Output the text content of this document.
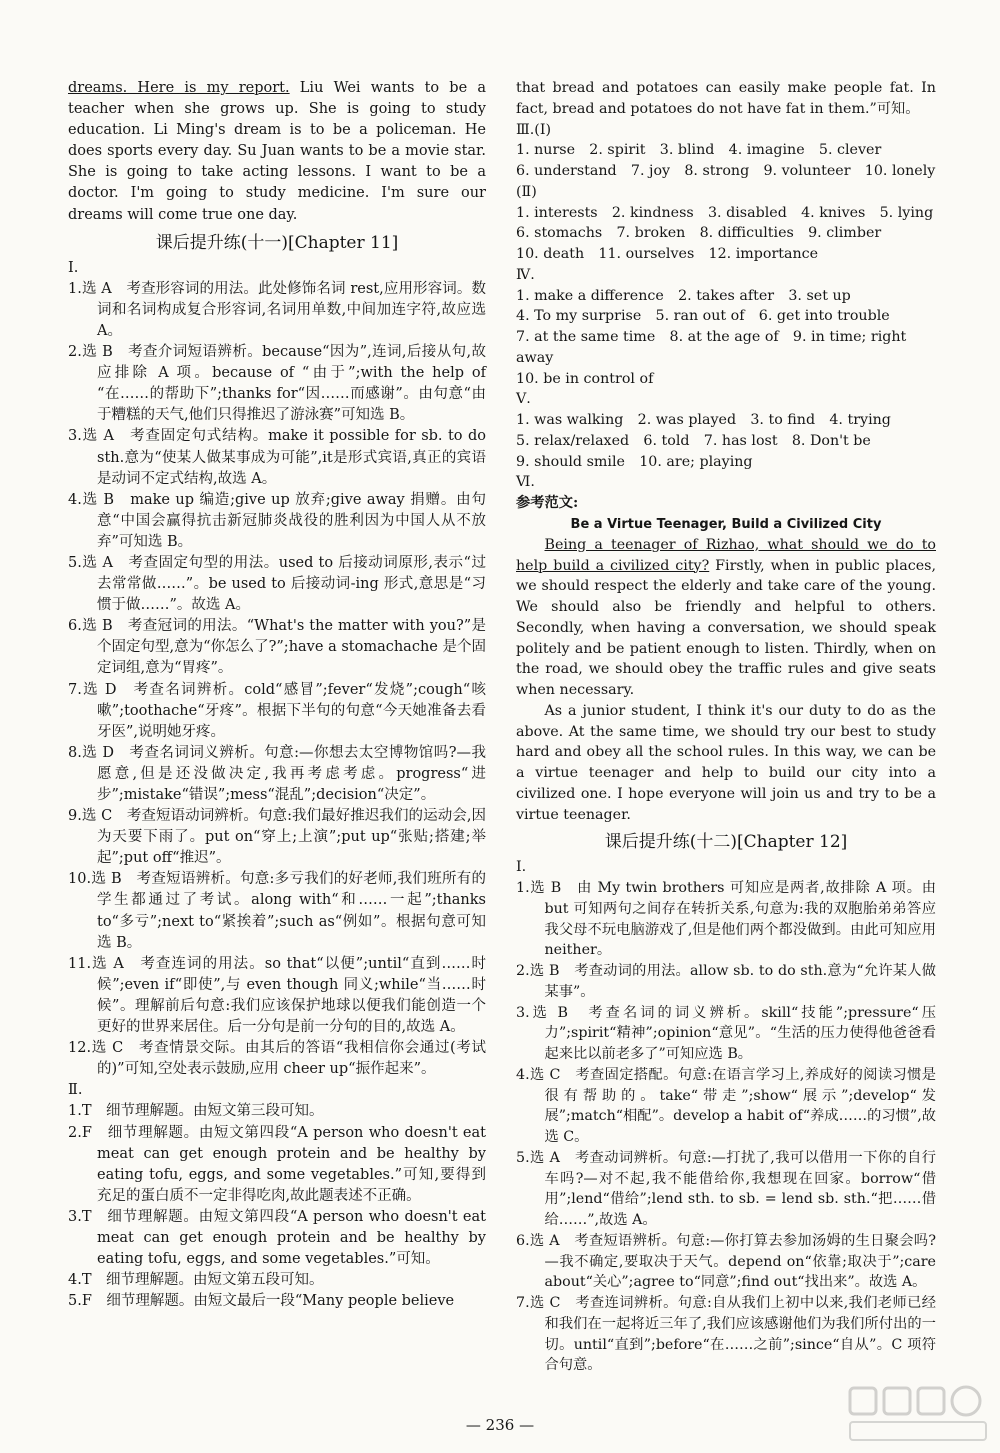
dreams. Here is my report. Liu Wei wants to be a teacher when she grows up. She is going to study education. Li Ming's dream is to be a policeman. He does sports every day. Su Juan wants to be a movie star. She is going to take acting lessons. I want to be a doctor. I'm going to study medicine. I'm sure our dreams will come true one day.

课后提升练(十一)[Chapter 11]
Ⅰ.
1.选 A　考查形容词的用法。此处修饰名词 rest,应用形容词。数词和名词构成复合形容词,名词用单数,中间加连字符,故应选 A。
2.选 B　考查介词短语辨析。because“因为”,连词,后接从句,故应排除 A 项。because of “由于”;with the help of “在……的帮助下”;thanks for“因……而感谢”。由句意“由于糟糕的天气,他们只得推迟了游泳赛”可知选 B。
3.选 A　考查固定句式结构。make it possible for sb. to do sth.意为“使某人做某事成为可能”,it是形式宾语,真正的宾语是动词不定式结构,故选 A。
4.选 B　make up 编造;give up 放弃;give away 捐赠。由句意“中国会赢得抗击新冠肺炎战役的胜利因为中国人从不放弃”可知选 B。
5.选 A　考查固定句型的用法。used to 后接动词原形,表示“过去常常做……”。be used to 后接动词-ing 形式,意思是“习惯于做……”。故选 A。
6.选 B　考查冠词的用法。“What's the matter with you?”是个固定句型,意为“你怎么了?”;have a stomachache 是个固定词组,意为“胃疼”。
7.选 D　考查名词辨析。cold“感冒”;fever“发烧”;cough“咳嗽”;toothache“牙疼”。根据下半句的句意“今天她准备去看牙医”,说明她牙疼。
8.选 D　考查名词词义辨析。句意:—你想去太空博物馆吗?—我愿意,但是还没做决定,我再考虑考虑。progress“进步”;mistake“错误”;mess“混乱”;decision“决定”。
9.选 C　考查短语动词辨析。句意:我们最好推迟我们的运动会,因为天要下雨了。put on“穿上;上演”;put up“张贴;搭建;举起”;put off“推迟”。
10.选 B　考查短语辨析。句意:多亏我们的好老师,我们班所有的学生都通过了考试。along with“和……一起”;thanks to“多亏”;next to“紧挨着”;such as“例如”。根据句意可知选 B。
11.选 A　考查连词的用法。so that“以便”;until“直到……时候”;even if“即使”,与 even though 同义;while“当……时候”。理解前后句意:我们应该保护地球以便我们能创造一个更好的世界来居住。后一分句是前一分句的目的,故选 A。
12.选 C　考查情景交际。由其后的答语“我相信你会通过(考试的)”可知,空处表示鼓励,应用 cheer up“振作起来”。
Ⅱ.
1.T　细节理解题。由短文第三段可知。
2.F　细节理解题。由短文第四段“A person who doesn't eat meat can get enough protein and be healthy by eating tofu, eggs, and some vegetables.”可知,要得到充足的蛋白质不一定非得吃肉,故此题表述不正确。
3.T　细节理解题。由短文第四段“A person who doesn't eat meat can get enough protein and be healthy by eating tofu, eggs, and some vegetables.”可知。
4.T　细节理解题。由短文第五段可知。
5.F　细节理解题。由短文最后一段“Many people believe

that bread and potatoes can easily make people fat. In fact, bread and potatoes do not have fat in them.”可知。

Ⅲ.(Ⅰ)
1. nurse　2. spirit　3. blind　4. imagine　5. clever
6. understand　7. joy　8. strong　9. volunteer　10. lonely
(Ⅱ)
1. interests　2. kindness　3. disabled　4. knives　5. lying
6. stomachs　7. broken　8. difficulties　9. climber
10. death　11. ourselves　12. importance
Ⅳ.
1. make a difference　2. takes after　3. set up
4. To my surprise　5. ran out of　6. get into trouble
7. at the same time　8. at the age of　9. in time; right away
10. be in control of
Ⅴ.
1. was walking　2. was played　3. to find　4. trying
5. relax/relaxed　6. told　7. has lost　8. Don't be
9. should smile　10. are; playing
Ⅵ.
参考范文:
Be a Virtue Teenager, Build a Civilized City

Being a teenager of Rizhao, what should we do to help build a civilized city? Firstly, when in public places, we should respect the elderly and take care of the young. We should also be friendly and helpful to others. Secondly, when having a conversation, we should speak politely and be patient enough to listen. Thirdly, when on the road, we should obey the traffic rules and give seats when necessary.

As a junior student, I think it's our duty to do as the above. At the same time, we should try our best to study hard and obey all the school rules. In this way, we can be a virtue teenager and help to build our city into a civilized one. I hope everyone will join us and try to be a virtue teenager.

课后提升练(十二)[Chapter 12]
Ⅰ.
1.选 B　由 My twin brothers 可知应是两者,故排除 A 项。由 but 可知两句之间存在转折关系,句意为:我的双胞胎弟弟答应我父母不玩电脑游戏了,但是他们两个都没做到。由此可知应用 neither。
2.选 B　考查动词的用法。allow sb. to do sth.意为“允许某人做某事”。
3.选 B　考查名词的词义辨析。skill“技能”;pressure“压力”;spirit“精神”;opinion“意见”。“生活的压力使得他爸爸看起来比以前老多了”可知应选 B。
4.选 C　考查固定搭配。句意:在语言学习上,养成好的阅读习惯是很有帮助的。take“带走”;show“展示”;develop“发展”;match“相配”。develop a habit of“养成……的习惯”,故选 C。
5.选 A　考查动词辨析。句意:—打扰了,我可以借用一下你的自行车吗?—对不起,我不能借给你,我想现在回家。borrow“借用”;lend“借给”;lend sth. to sb. = lend sb. sth.“把……借给……”,故选 A。
6.选 A　考查短语辨析。句意:—你打算去参加汤姆的生日聚会吗?—我不确定,要取决于天气。depend on“依靠;取决于”;care about“关心”;agree to“同意”;find out“找出来”。故选 A。
7.选 C　考查连词辨析。句意:自从我们上初中以来,我们老师已经和我们在一起将近三年了,我们应该感谢他们为我们所付出的一切。until“直到”;before“在……之前”;since“自从”。C 项符合句意。
— 236 —
